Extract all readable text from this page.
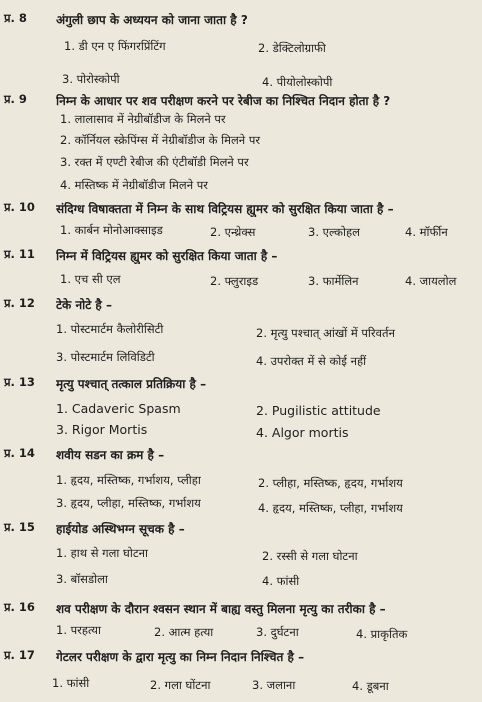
प्र. 8 अंगुली छाप के अध्ययन को जाना जाता है ?
1. डी एन ए फिंगरप्रिंटिंग	2. डेक्टिलोग्राफी
3. पोरोस्कोपी	4. पीयोलोस्कोपी
प्र. 9 निम्न के आधार पर शव परीक्षण करने पर रेबीज का निश्चित निदान होता है ?
1. लालासाव में नेग्रीबॉडीज के मिलने पर
2. कॉर्नियल स्क्रेपिंग्स में नेग्रीबॉडीज के मिलने पर
3. रक्त में एण्टी रेबीज की एंटीबॉडी मिलने पर
4. मस्तिष्क में नेग्रीबॉडीज मिलने पर
प्र. 10 संदिग्ध विषाक्तता में निम्न के साथ विट्रियस ह्युमर को सुरक्षित किया जाता है –
1. कार्बन मोनोआक्साइड	2. एन्थ्रेक्स	3. एल्कोहल	4. मॉर्फीन
प्र. 11 निम्न में विट्रियस ह्युमर को सुरक्षित किया जाता है –
1. एच सी एल	2. फ्लुराइड	3. फार्मेलिन	4. जायलोल
प्र. 12 टेके नोटे है –
1. पोस्टमार्टम कैलोरीसिटी	2. मृत्यु पश्चात् आंखों में परिवर्तन
3. पोस्टमार्टम लिविडिटी	4. उपरोक्त में से कोई नहीं
प्र. 13 मृत्यु पश्चात् तत्काल प्रतिक्रिया है –
1. Cadaveric Spasm	2. Pugilistic attitude
3. Rigor Mortis	4. Algor mortis
प्र. 14 शवीय सडन का क्रम है –
1. हृदय, मस्तिष्क, गर्भाशय, प्लीहा	2. प्लीहा, मस्तिष्क, हृदय, गर्भाशय
3. हृदय, प्लीहा, मस्तिष्क, गर्भाशय	4. हृदय, मस्तिष्क, प्लीहा, गर्भाशय
प्र. 15 हाईयोड अस्थिभग्न सूचक है –
1. हाथ से गला घोटना	2. रस्सी से गला घोटना
3. बॉसडोला	4. फांसी
प्र. 16 शव परीक्षण के दौरान श्वसन स्थान में बाह्य वस्तु मिलना मृत्यु का तरीका है –
1. परहत्या	2. आत्म हत्या	3. दुर्घटना	4. प्राकृतिक
प्र. 17 गेटलर परीक्षण के द्वारा मृत्यु का निम्न निदान निश्चित है –
1. फांसी	2. गला घोंटना	3. जलाना	4. डूबना
